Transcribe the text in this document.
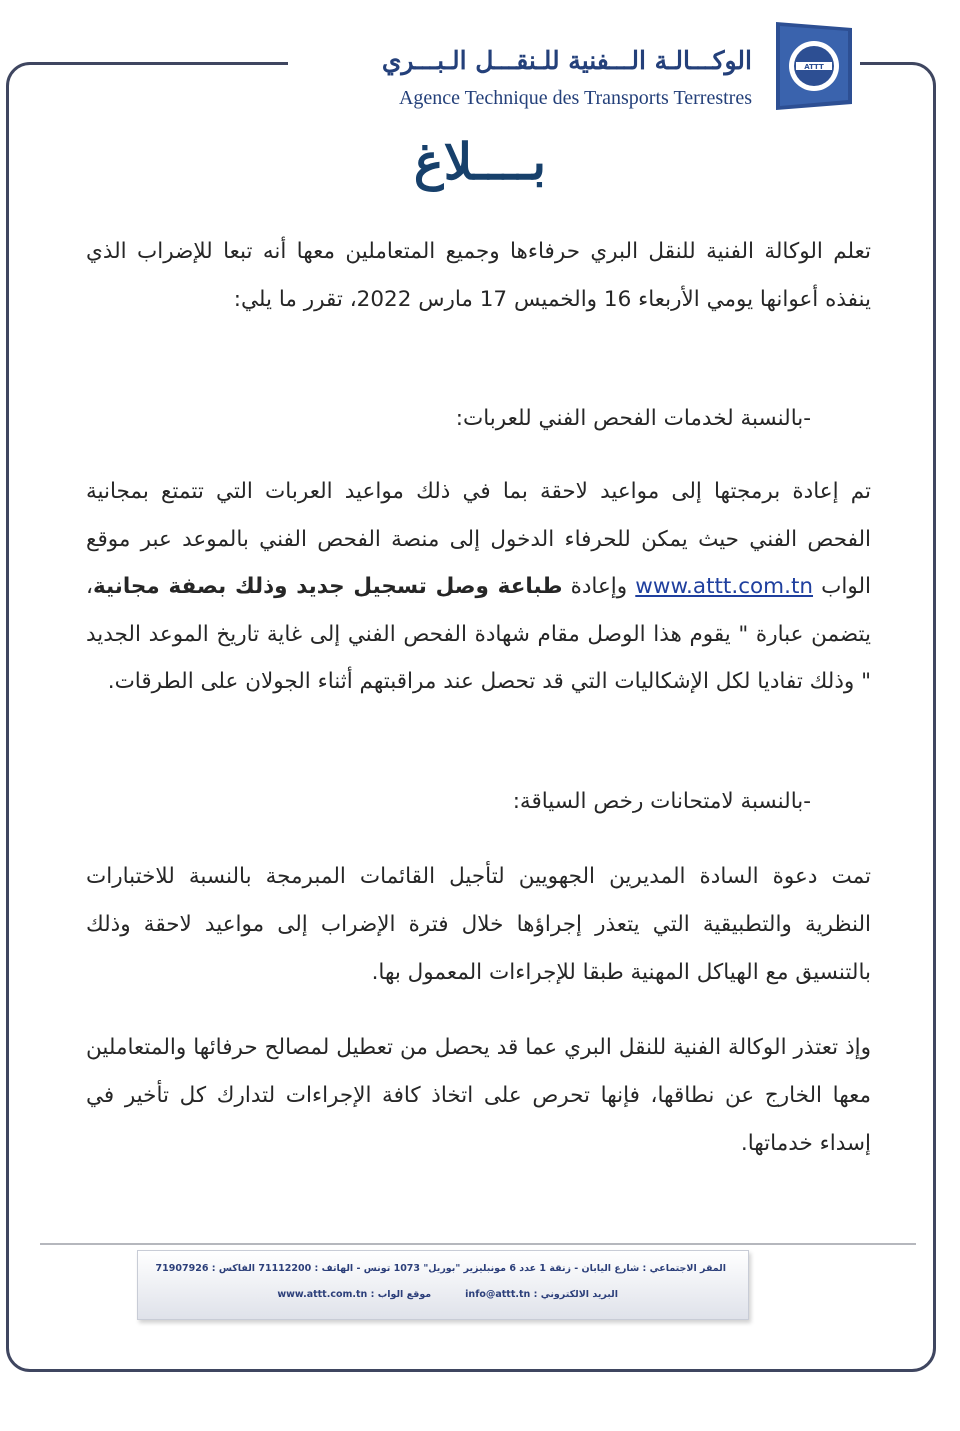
الوكـــالـة الـــفنية للـنقـــل الـبـــري
Agence Technique des Transports Terrestres
ATTT
بــــلاغ
تعلم الوكالة الفنية للنقل البري حرفاءها وجميع المتعاملين معها أنه تبعا للإضراب الذي ينفذه أعوانها يومي الأربعاء 16 والخميس 17 مارس 2022، تقرر ما يلي:
-بالنسبة لخدمات الفحص الفني للعربات:
تم إعادة برمجتها إلى مواعيد لاحقة بما في ذلك مواعيد العربات التي تتمتع بمجانية الفحص الفني حيث يمكن للحرفاء الدخول إلى منصة الفحص الفني بالموعد عبر موقع الواب www.attt.com.tn وإعادة طباعة وصل تسجيل جديد وذلك بصفة مجانية، يتضمن عبارة " يقوم هذا الوصل مقام شهادة الفحص الفني إلى غاية تاريخ الموعد الجديد " وذلك تفاديا لكل الإشكاليات التي قد تحصل عند مراقبتهم أثناء الجولان على الطرقات.
-بالنسبة لامتحانات رخص السياقة:
تمت دعوة السادة المديرين الجهويين لتأجيل القائمات المبرمجة بالنسبة للاختبارات النظرية والتطبيقية التي يتعذر إجراؤها خلال فترة الإضراب إلى مواعيد لاحقة وذلك بالتنسيق مع الهياكل المهنية طبقا للإجراءات المعمول بها.
وإذ تعتذر الوكالة الفنية للنقل البري عما قد يحصل من تعطيل لمصالح حرفائها والمتعاملين معها الخارج عن نطاقها، فإنها تحرص على اتخاذ كافة الإجراءات لتدارك كل تأخير في إسداء خدماتها.
المقر الاجتماعي : شارع اليابان - زنقة 1 عدد 6 مونبليزير "بوريل" 1073 تونس - الهاتف : 71112200 الفاكس : 71907926
البريد الالكتروني : info@attt.tnموقع الواب : www.attt.com.tn
